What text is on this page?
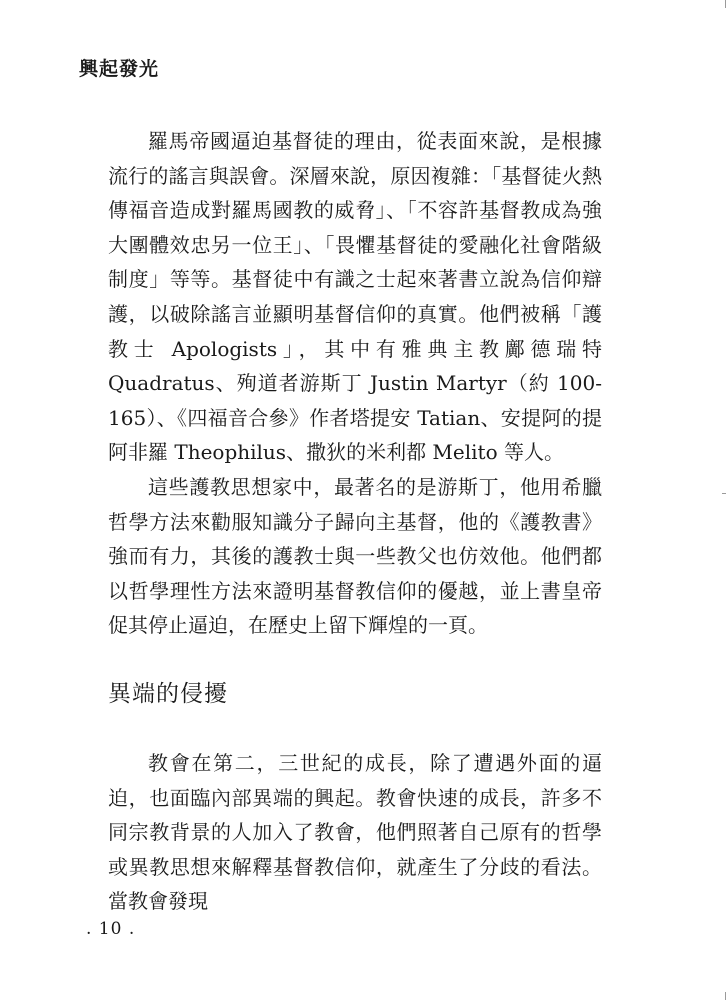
興起發光

羅馬帝國逼迫基督徒的理由，從表面來說，是根據流行的謠言與誤會。深層來說，原因複雜：「基督徒火熱傳福音造成對羅馬國教的威脅」、「不容許基督教成為強大團體效忠另一位王」、「畏懼基督徒的愛融化社會階級制度」等等。基督徒中有識之士起來著書立說為信仰辯護，以破除謠言並顯明基督信仰的真實。他們被稱「護教士 Apologists」，其中有雅典主教鄺德瑞特 Quadratus、殉道者游斯丁 Justin Martyr（約 100-165）、《四福音合參》作者塔提安 Tatian、安提阿的提阿非羅 Theophilus、撒狄的米利都 Melito 等人。

這些護教思想家中，最著名的是游斯丁，他用希臘哲學方法來勸服知識分子歸向主基督，他的《護教書》強而有力，其後的護教士與一些教父也仿效他。他們都以哲學理性方法來證明基督教信仰的優越，並上書皇帝促其停止逼迫，在歷史上留下輝煌的一頁。

異端的侵擾

教會在第二，三世紀的成長，除了遭遇外面的逼迫，也面臨內部異端的興起。教會快速的成長，許多不同宗教背景的人加入了教會，他們照著自己原有的哲學或異教思想來解釋基督教信仰，就產生了分歧的看法。當教會發現

. 10 .
